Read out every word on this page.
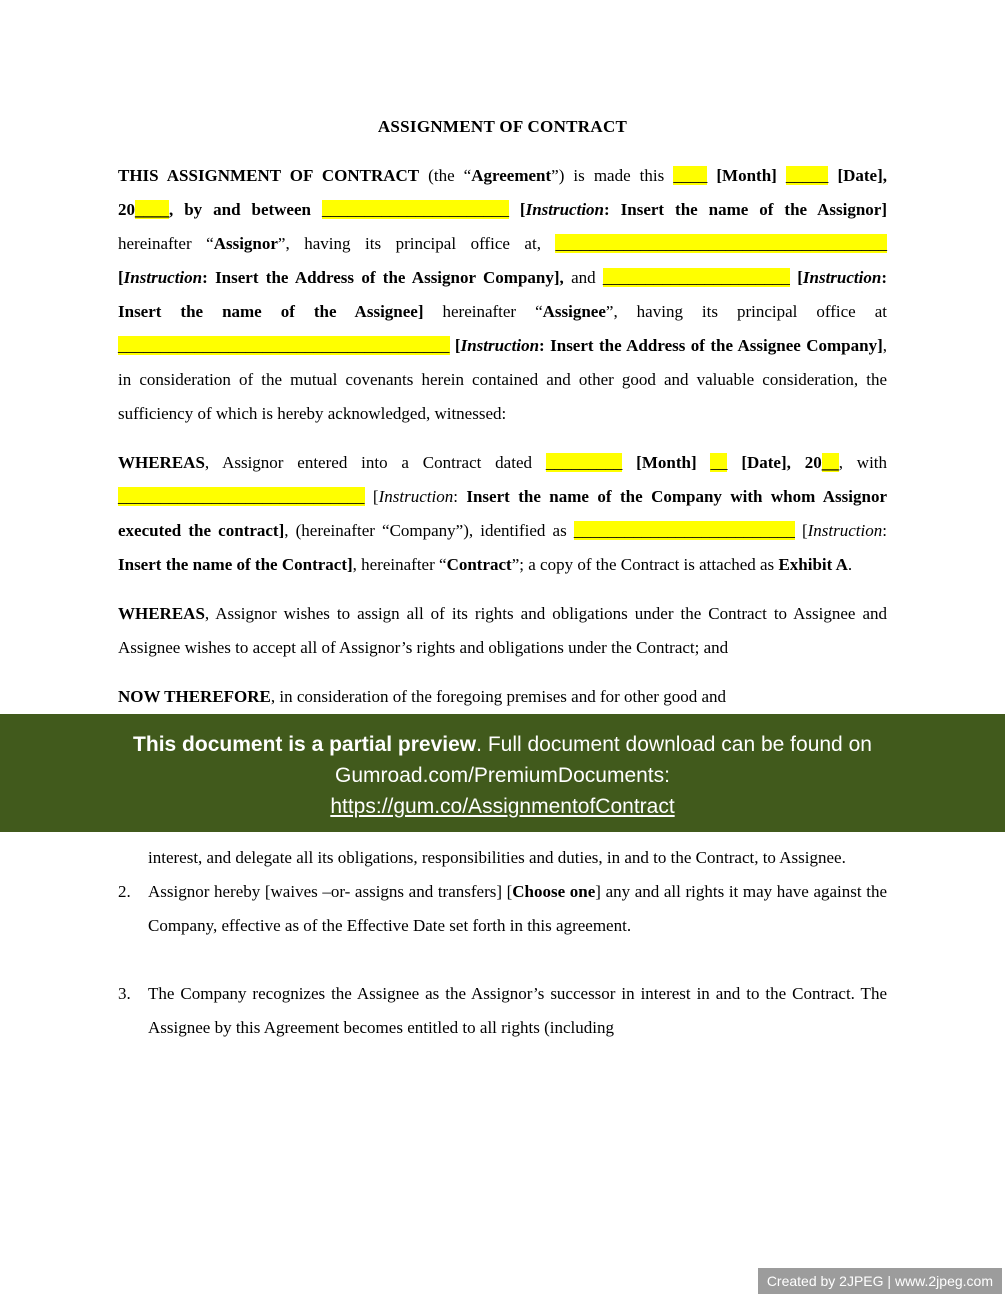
ASSIGNMENT OF CONTRACT
THIS ASSIGNMENT OF CONTRACT (the “Agreement”) is made this ____ [Month] _____ [Date], 20____, by and between ______________________ [Instruction: Insert the name of the Assignor] hereinafter “Assignor”, having its principal office at, _______________________________________ [Instruction: Insert the Address of the Assignor Company], and ______________________ [Instruction: Insert the name of the Assignee] hereinafter “Assignee”, having its principal office at _______________________________________ [Instruction: Insert the Address of the Assignee Company], in consideration of the mutual covenants herein contained and other good and valuable consideration, the sufficiency of which is hereby acknowledged, witnessed:
WHEREAS, Assignor entered into a Contract dated _________ [Month] __ [Date], 20__, with _____________________________ [Instruction: Insert the name of the Company with whom Assignor executed the contract], (hereinafter “Company”), identified as __________________________ [Instruction: Insert the name of the Contract], hereinafter “Contract”; a copy of the Contract is attached as Exhibit A.
WHEREAS, Assignor wishes to assign all of its rights and obligations under the Contract to Assignee and Assignee wishes to accept all of Assignor’s rights and obligations under the Contract; and
NOW THEREFORE, in consideration of the foregoing premises and for other good and
This document is a partial preview. Full document download can be found on Gumroad.com/PremiumDocuments:
https://gum.co/AssignmentofContract
interest, and delegate all its obligations, responsibilities and duties, in and to the Contract, to Assignee.
2.	Assignor hereby [waives –or- assigns and transfers] [Choose one] any and all rights it may have against the Company, effective as of the Effective Date set forth in this agreement.
3.	The Company recognizes the Assignee as the Assignor’s successor in interest in and to the Contract. The Assignee by this Agreement becomes entitled to all rights (including
Created by 2JPEG | www.2jpeg.com
